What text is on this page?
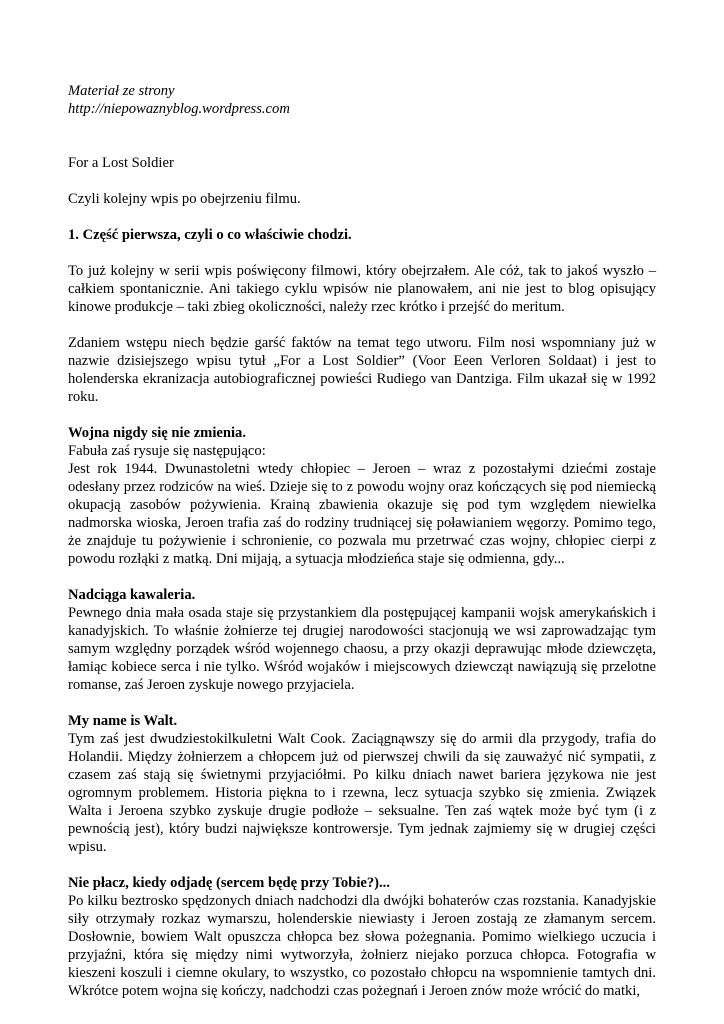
Materiał ze strony
http://niepowaznyblog.wordpress.com
For a Lost Soldier
Czyli kolejny wpis po obejrzeniu filmu.
1. Część pierwsza, czyli o co właściwie chodzi.
To już kolejny w serii wpis poświęcony filmowi, który obejrzałem. Ale cóż, tak to jakoś wyszło – całkiem spontanicznie. Ani takiego cyklu wpisów nie planowałem, ani nie jest to blog opisujący kinowe produkcje – taki zbieg okoliczności, należy rzec krótko i przejść do meritum.
Zdaniem wstępu niech będzie garść faktów na temat tego utworu. Film nosi wspomniany już w nazwie dzisiejszego wpisu tytuł „For a Lost Soldier” (Voor Eeen Verloren Soldaat) i jest to holenderska ekranizacja autobiograficznej powieści Rudiego van Dantziga. Film ukazał się w 1992 roku.
Wojna nigdy się nie zmienia.
Fabuła zaś rysuje się następująco:
Jest rok 1944. Dwunastoletni wtedy chłopiec – Jeroen – wraz z pozostałymi dziećmi zostaje odesłany przez rodziców na wieś. Dzieje się to z powodu wojny oraz kończących się pod niemiecką okupacją zasobów pożywienia. Krainą zbawienia okazuje się pod tym względem niewielka nadmorska wioska, Jeroen trafia zaś do rodziny trudniącej się poławianiem węgorzy. Pomimo tego, że znajduje tu pożywienie i schronienie, co pozwala mu przetrwać czas wojny, chłopiec cierpi z powodu rozłąki z matką. Dni mijają, a sytuacja młodzieńca staje się odmienna, gdy...
Nadciąga kawaleria.
Pewnego dnia mała osada staje się przystankiem dla postępującej kampanii wojsk amerykańskich i kanadyjskich. To właśnie żołnierze tej drugiej narodowości stacjonują we wsi zaprowadzając tym samym względny porządek wśród wojennego chaosu, a przy okazji deprawując młode dziewczęta, łamiąc kobiece serca i nie tylko. Wśród wojaków i miejscowych dziewcząt nawiązują się przelotne romanse, zaś Jeroen zyskuje nowego przyjaciela.
My name is Walt.
Tym zaś jest dwudziestokilkuletni Walt Cook. Zaciągnąwszy się do armii dla przygody, trafia do Holandii. Między żołnierzem a chłopcem już od pierwszej chwili da się zauważyć nić sympatii, z czasem zaś stają się świetnymi przyjaciółmi. Po kilku dniach nawet bariera językowa nie jest ogromnym problemem. Historia piękna to i rzewna, lecz sytuacja szybko się zmienia. Związek Walta i Jeroena szybko zyskuje drugie podłoże – seksualne. Ten zaś wątek może być tym (i z pewnością jest), który budzi największe kontrowersje. Tym jednak zajmiemy się w drugiej części wpisu.
Nie płacz, kiedy odjadę (sercem będę przy Tobie?)...
Po kilku beztrosko spędzonych dniach nadchodzi dla dwójki bohaterów czas rozstania. Kanadyjskie siły otrzymały rozkaz wymarszu, holenderskie niewiasty i Jeroen zostają ze złamanym sercem. Dosłownie, bowiem Walt opuszcza chłopca bez słowa pożegnania. Pomimo wielkiego uczucia i przyjaźni, która się między nimi wytworzyła, żołnierz niejako porzuca chłopca. Fotografia w kieszeni koszuli i ciemne okulary, to wszystko, co pozostało chłopcu na wspomnienie tamtych dni. Wkrótce potem wojna się kończy, nadchodzi czas pożegnań i Jeroen znów może wrócić do matki,
